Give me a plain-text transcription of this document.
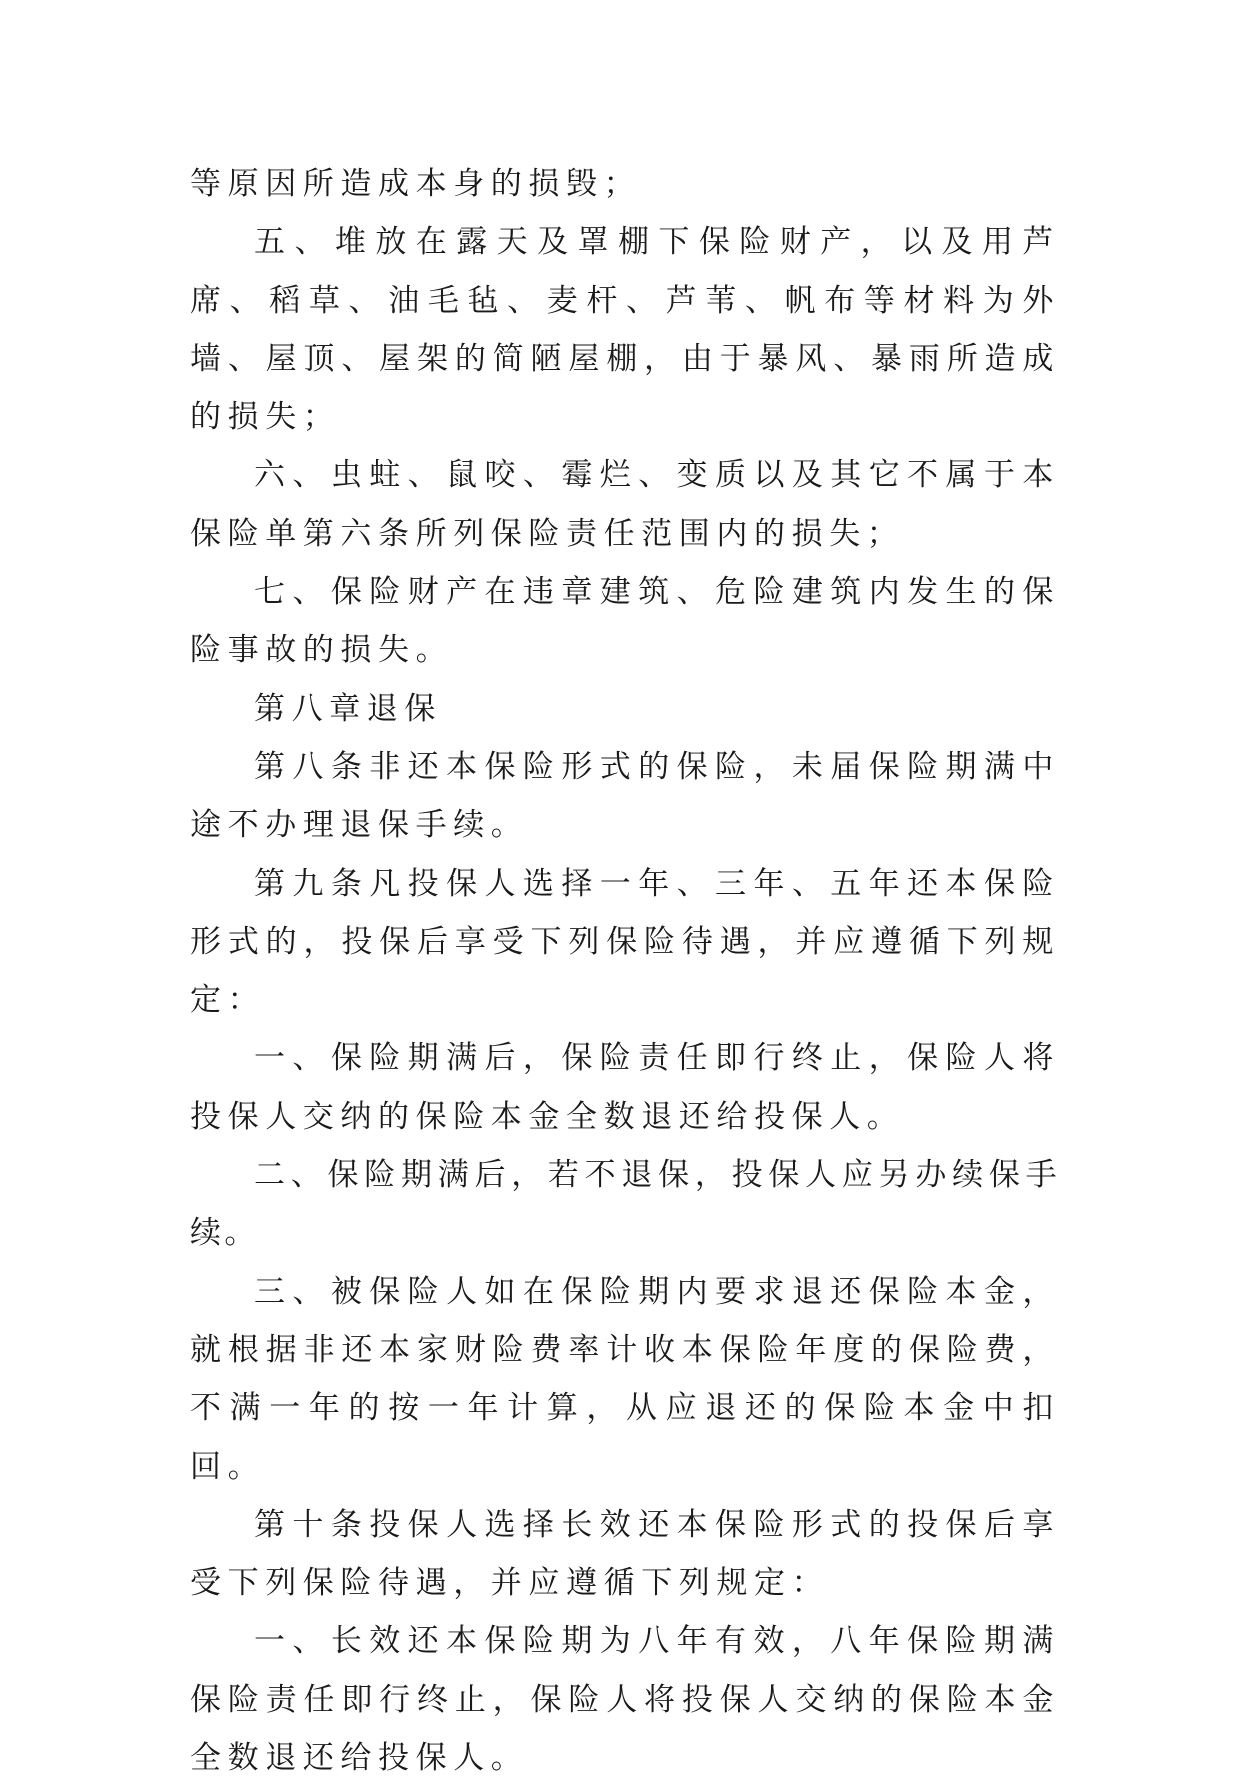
等原因所造成本身的损毁；

五、堆放在露天及罩棚下保险财产，以及用芦席、稻草、油毛毡、麦杆、芦苇、帆布等材料为外墙、屋顶、屋架的简陋屋棚，由于暴风、暴雨所造成的损失；

六、虫蛀、鼠咬、霉烂、变质以及其它不属于本保险单第六条所列保险责任范围内的损失；

七、保险财产在违章建筑、危险建筑内发生的保险事故的损失。

第八章退保

第八条非还本保险形式的保险，未届保险期满中途不办理退保手续。

第九条凡投保人选择一年、三年、五年还本保险形式的，投保后享受下列保险待遇，并应遵循下列规定：

一、保险期满后，保险责任即行终止，保险人将投保人交纳的保险本金全数退还给投保人。

二、保险期满后，若不退保，投保人应另办续保手续。

三、被保险人如在保险期内要求退还保险本金，就根据非还本家财险费率计收本保险年度的保险费，不满一年的按一年计算，从应退还的保险本金中扣回。

第十条投保人选择长效还本保险形式的投保后享受下列保险待遇，并应遵循下列规定：

一、长效还本保险期为八年有效，八年保险期满保险责任即行终止，保险人将投保人交纳的保险本金全数退还给投保人。
